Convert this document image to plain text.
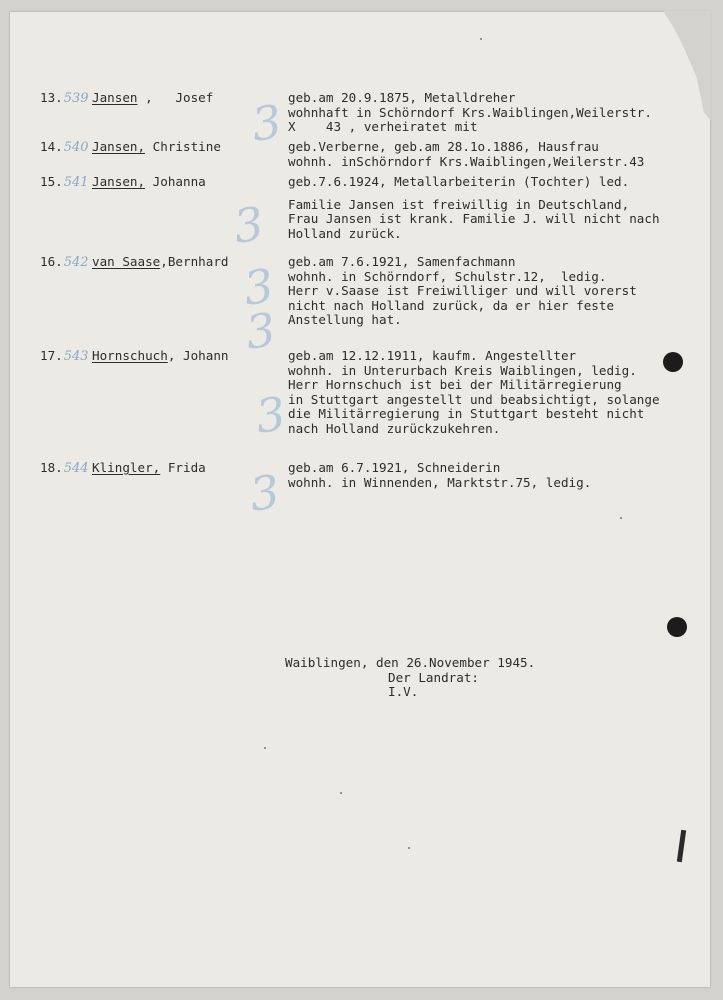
3
3
3
3
3
3
13.539 Jansen ,   Josef	geb.am 20.9.1875, Metalldreher
wohnhaft in Schörndorf Krs.Waiblingen,Weilerstr.
X    43 , verheiratet mit
14.540 Jansen, Christine	geb.Verberne, geb.am 28.1o.1886, Hausfrau
wohnh. inSchörndorf Krs.Waiblingen,Weilerstr.43
15.541 Jansen, Johanna	geb.7.6.1924, Metallarbeiterin (Tochter) led.
Familie Jansen ist freiwillig in Deutschland,
Frau Jansen ist krank. Familie J. will nicht nach
Holland zurück.
16.542 van Saase,Bernhard	geb.am 7.6.1921, Samenfachmann
wohnh. in Schörndorf, Schulstr.12,  ledig.
Herr v.Saase ist Freiwilliger und will vorerst
nicht nach Holland zurück, da er hier feste
Anstellung hat.
17.543 Hornschuch, Johann	geb.am 12.12.1911, kaufm. Angestellter
wohnh. in Unterurbach Kreis Waiblingen, ledig.
Herr Hornschuch ist bei der Militärregierung
in Stuttgart angestellt und beabsichtigt, solange
die Militärregierung in Stuttgart besteht nicht
nach Holland zurückzukehren.
18.544 Klingler, Frida	geb.am 6.7.1921, Schneiderin
wohnh. in Winnenden, Marktstr.75, ledig.
Waiblingen, den 26.November 1945.
Der Landrat:
I.V.
